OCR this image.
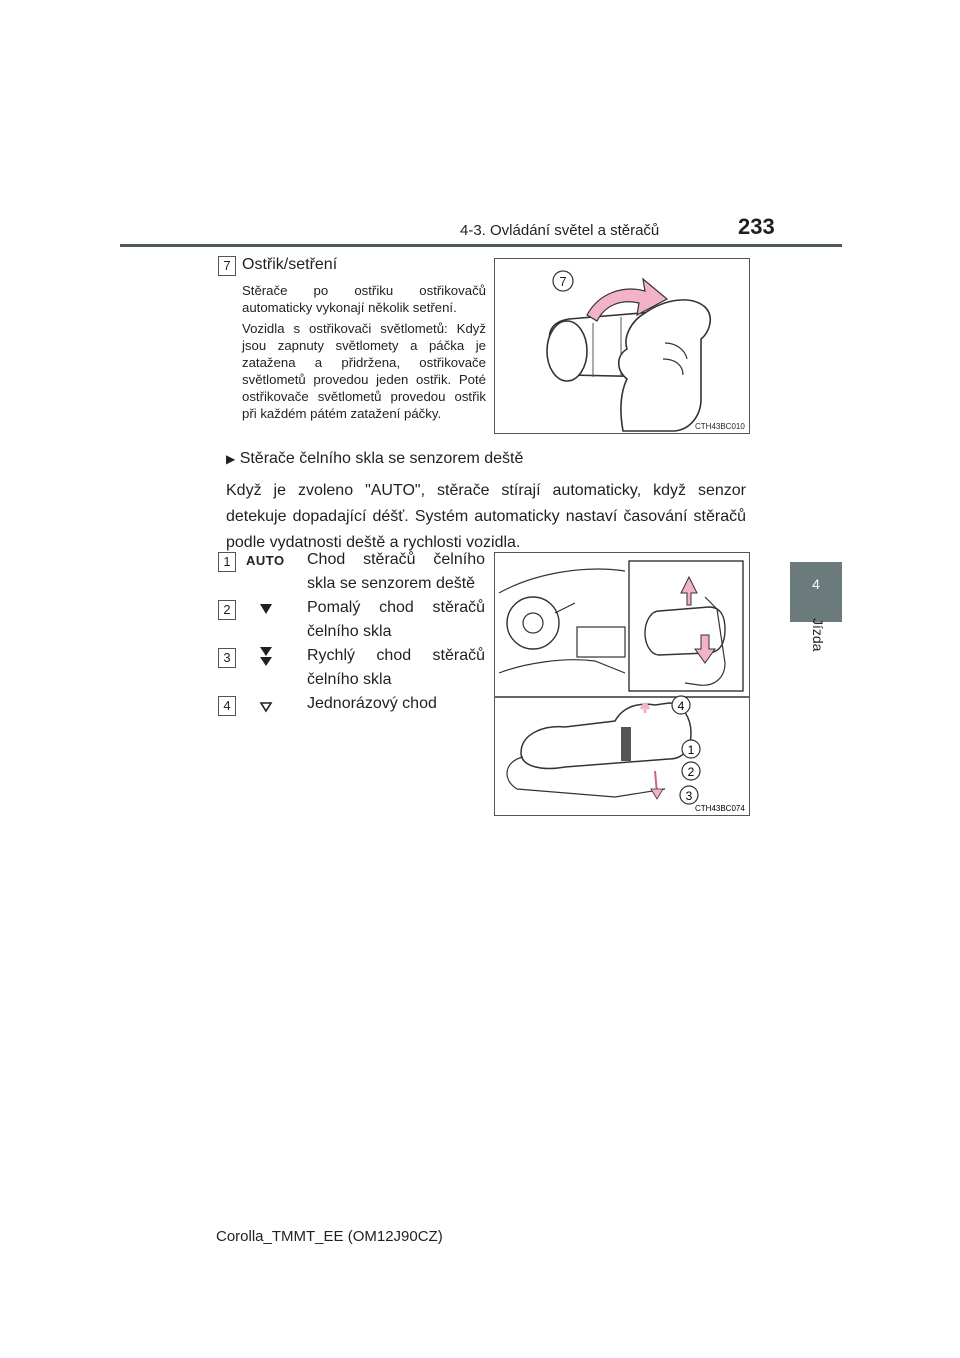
4-3. Ovládání světel a stěračů	233
4
Jízda
7 Ostřik/setření
Stěrače po ostřiku ostřikovačů automaticky vykonají několik setření.
Vozidla s ostřikovači světlometů: Když jsou zapnuty světlomety a páčka je zatažena a přidržena, ostřikovače světlometů provedou jeden ostřik. Poté ostřikovače světlometů provedou ostřik při každém pátém zatažení páčky.
7
CTH43BC010
▶ Stěrače čelního skla se senzorem deště
Když je zvoleno "AUTO", stěrače stírají automaticky, když senzor detekuje dopadající déšť. Systém automaticky nastaví časování stěračů podle vydatnosti deště a rychlosti vozidla.
1	AUTO	Chod stěračů čelního skla se senzorem deště
2	Pomalý chod stěračů čelního skla
3	Rychlý chod stěračů čelního skla
4	Jednorázový chod	4
1
2
3
CTH43BC074
Corolla_TMMT_EE (OM12J90CZ)
